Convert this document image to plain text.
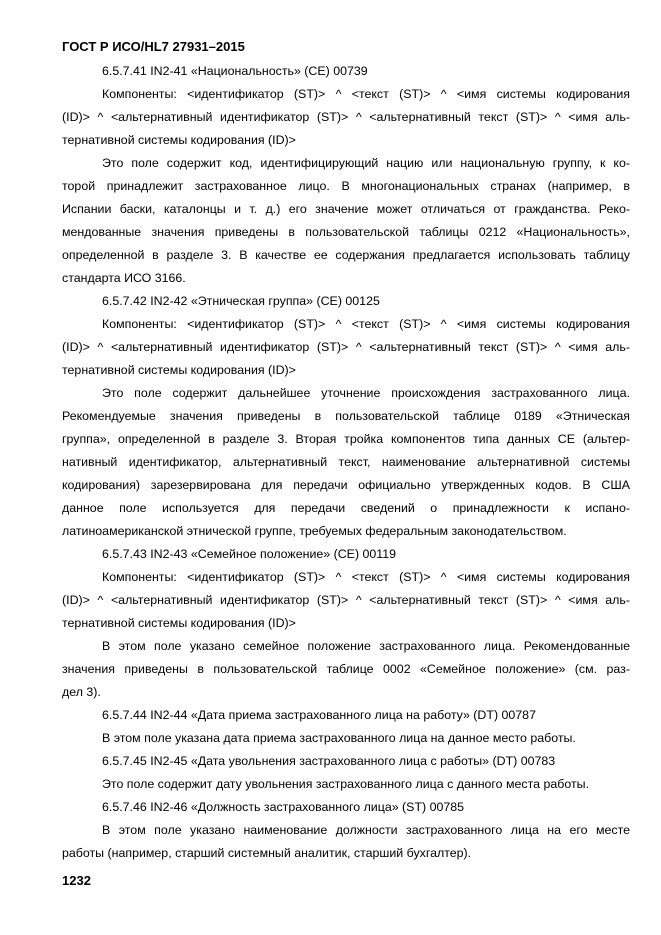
ГОСТ Р ИСО/HL7 27931–2015

6.5.7.41 IN2-41 «Национальность» (CE) 00739

Компоненты: <идентификатор (ST)> ^ <текст (ST)> ^ <имя системы кодирования

(ID)> ^ <альтернативный идентификатор (ST)> ^ <альтернативный текст (ST)> ^ <имя аль-

тернативной системы кодирования (ID)>

Это поле содержит код, идентифицирующий нацию или национальную группу, к ко-

торой принадлежит застрахованное лицо. В многонациональных странах (например, в

Испании баски, каталонцы и т. д.) его значение может отличаться от гражданства. Реко-

мендованные значения приведены в пользовательской таблицы 0212 «Национальность»,

определенной в разделе 3. В качестве ее содержания предлагается использовать таблицу

стандарта ИСО 3166.

6.5.7.42 IN2-42 «Этническая группа» (CE) 00125

Компоненты: <идентификатор (ST)> ^ <текст (ST)> ^ <имя системы кодирования

(ID)> ^ <альтернативный идентификатор (ST)> ^ <альтернативный текст (ST)> ^ <имя аль-

тернативной системы кодирования (ID)>

Это поле содержит дальнейшее уточнение происхождения застрахованного лица.

Рекомендуемые значения приведены в пользовательской таблице 0189 «Этническая

группа», определенной в разделе 3. Вторая тройка компонентов типа данных CE (альтер-

нативный идентификатор, альтернативный текст, наименование альтернативной системы

кодирования) зарезервирована для передачи официально утвержденных кодов. В США

данное поле используется для передачи сведений о принадлежности к испано-

латиноамериканской этнической группе, требуемых федеральным законодательством.

6.5.7.43 IN2-43 «Семейное положение» (CE) 00119

Компоненты: <идентификатор (ST)> ^ <текст (ST)> ^ <имя системы кодирования

(ID)> ^ <альтернативный идентификатор (ST)> ^ <альтернативный текст (ST)> ^ <имя аль-

тернативной системы кодирования (ID)>

В этом поле указано семейное положение застрахованного лица. Рекомендованные

значения приведены в пользовательской таблице 0002 «Семейное положение» (см. раз-

дел 3).

6.5.7.44 IN2-44 «Дата приема застрахованного лица на работу» (DT) 00787

В этом поле указана дата приема застрахованного лица на данное место работы.

6.5.7.45 IN2-45 «Дата увольнения застрахованного лица с работы» (DT) 00783

Это поле содержит дату увольнения застрахованного лица с данного места работы.

6.5.7.46 IN2-46 «Должность застрахованного лица» (ST) 00785

В этом поле указано наименование должности застрахованного лица на его месте

работы (например, старший системный аналитик, старший бухгалтер).

1232
